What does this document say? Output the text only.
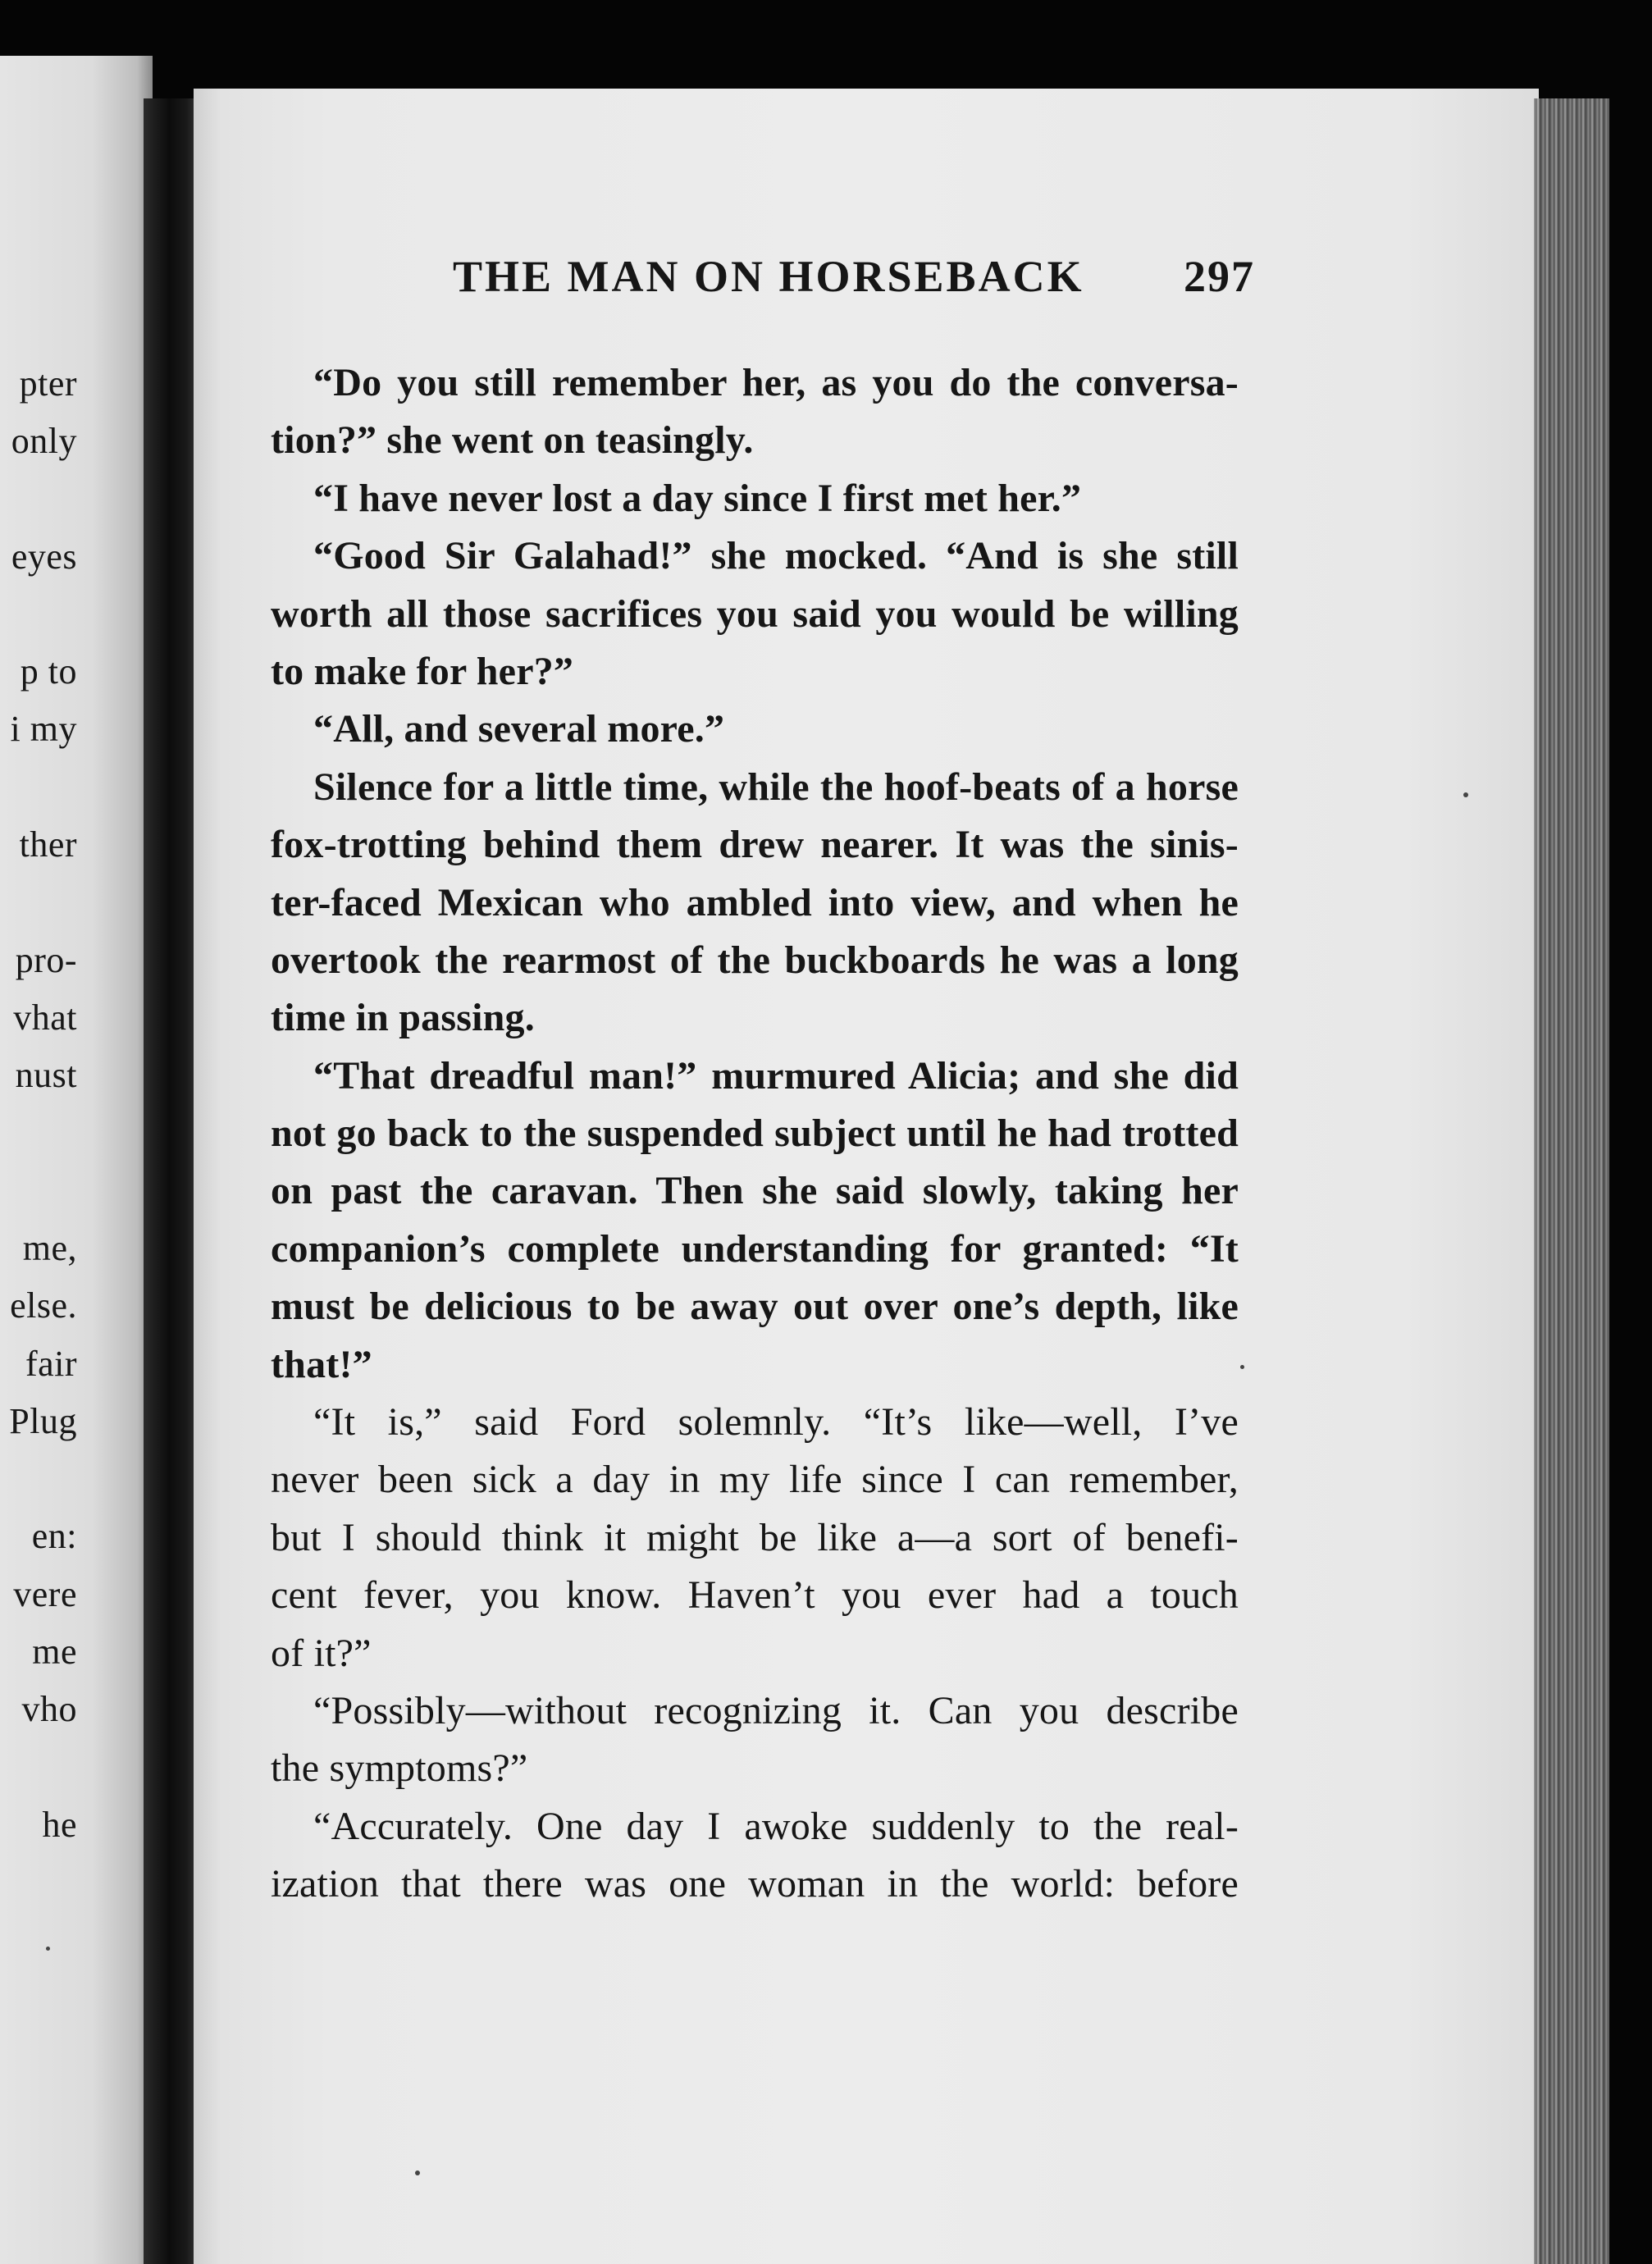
pter
only
eyes
p to
i my
ther
pro-
vhat
nust
me,
else.
fair
Plug
en:
vere
me
vho
he
THE MAN ON HORSEBACK 297
“Do you still remember her, as you do the conversa-
tion?” she went on teasingly.
“I have never lost a day since I first met her.”
“Good Sir Galahad!” she mocked. “And is she still
worth all those sacrifices you said you would be willing
to make for her?”
“All, and several more.”
Silence for a little time, while the hoof-beats of a horse
fox-trotting behind them drew nearer. It was the sinis-
ter-faced Mexican who ambled into view, and when he
overtook the rearmost of the buckboards he was a long
time in passing.
“That dreadful man!” murmured Alicia; and she did
not go back to the suspended subject until he had trotted
on past the caravan. Then she said slowly, taking her
companion’s complete understanding for granted: “It
must be delicious to be away out over one’s depth, like
that!”
“It is,” said Ford solemnly. “It’s like—well, I’ve
never been sick a day in my life since I can remember,
but I should think it might be like a—a sort of benefi-
cent fever, you know. Haven’t you ever had a touch
of it?”
“Possibly—without recognizing it. Can you describe
the symptoms?”
“Accurately. One day I awoke suddenly to the real-
ization that there was one woman in the world: before
